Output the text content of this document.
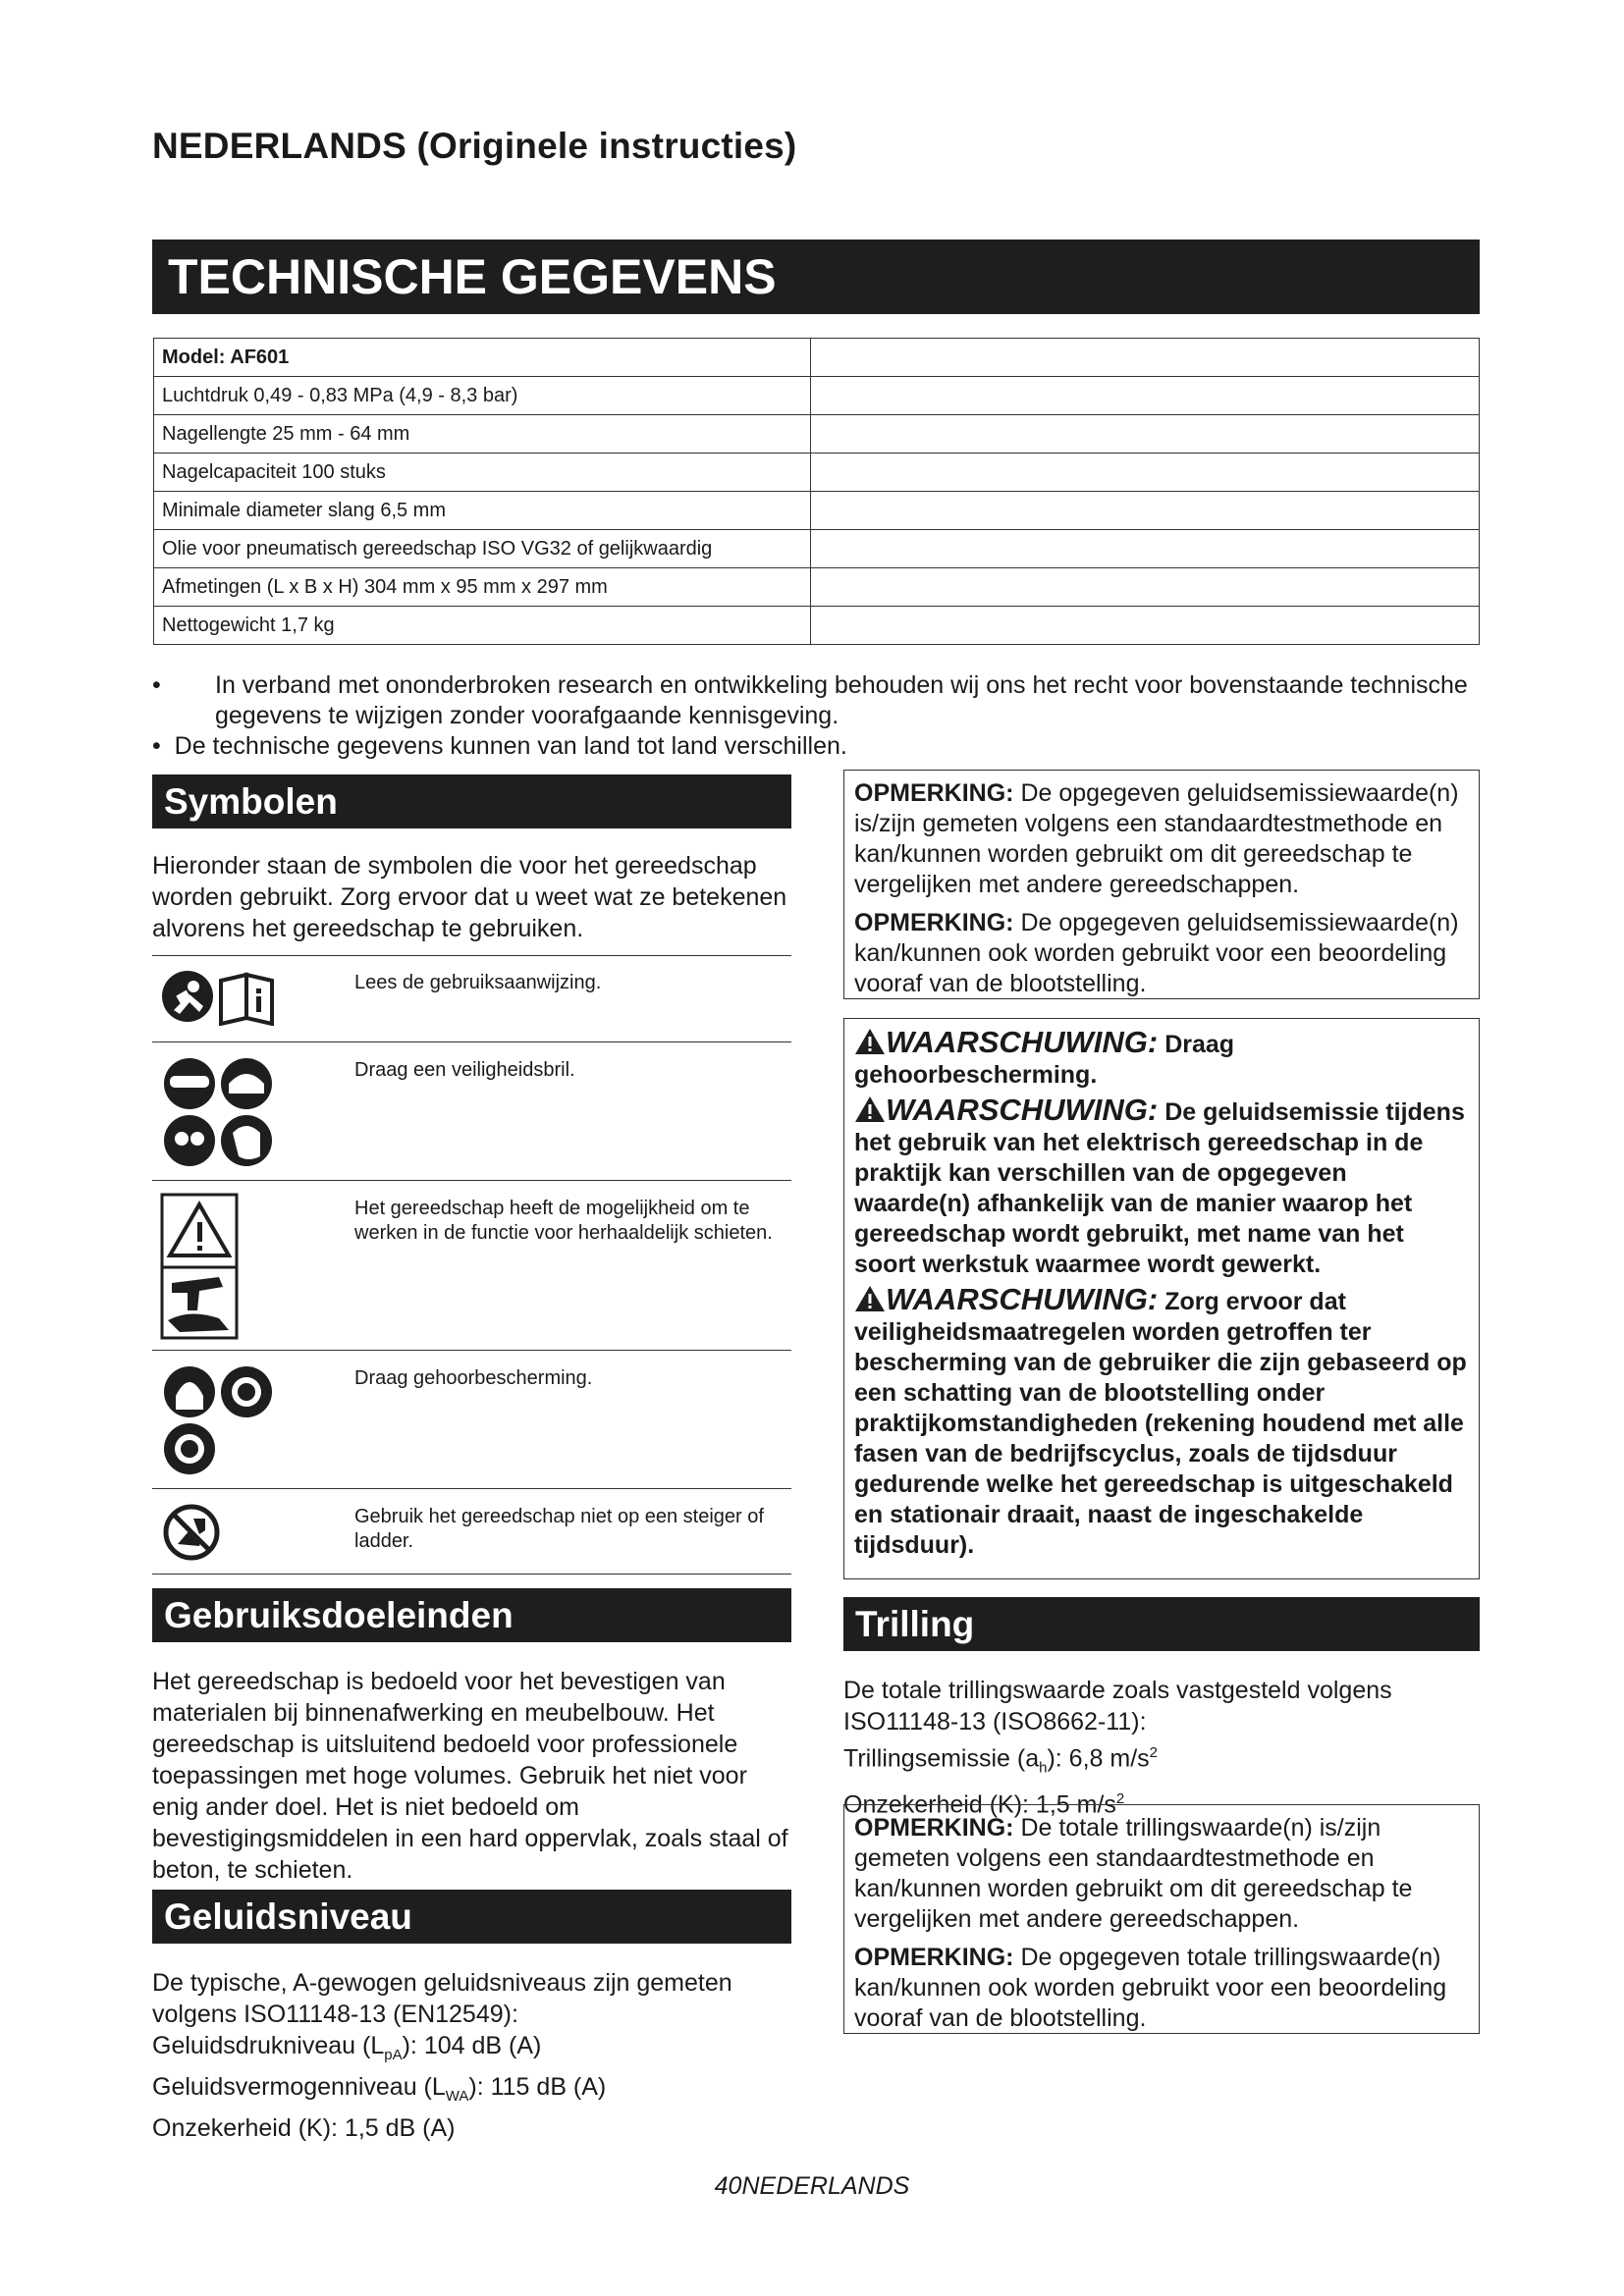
NEDERLANDS (Originele instructies)
TECHNISCHE GEGEVENS
Model: AF601	
Luchtdruk 0,49 - 0,83 MPa (4,9 - 8,3 bar)	
Nagellengte 25 mm - 64 mm	
Nagelcapaciteit 100 stuks	
Minimale diameter slang 6,5 mm	
Olie voor pneumatisch gereedschap ISO VG32 of gelijkwaardig	
Afmetingen (L x B x H) 304 mm x 95 mm x 297 mm	
Nettogewicht 1,7 kg	
• In verband met ononderbroken research en ontwikkeling behouden wij ons het recht voor bovenstaande technische gegevens te wijzigen zonder voorafgaande kennisgeving.
•  De technische gegevens kunnen van land tot land verschillen.
Symbolen
Hieronder staan de symbolen die voor het gereedschap worden gebruikt. Zorg ervoor dat u weet wat ze betekenen alvorens het gereedschap te gebruiken.
Lees de gebruiksaanwijzing.
Draag een veiligheidsbril.
Het gereedschap heeft de mogelijkheid om te werken in de functie voor herhaaldelijk schieten.
Draag gehoorbescherming.
Gebruik het gereedschap niet op een steiger of ladder.
Gebruiksdoeleinden
Het gereedschap is bedoeld voor het bevestigen van materialen bij binnenafwerking en meubelbouw. Het gereedschap is uitsluitend bedoeld voor professionele toepassingen met hoge volumes. Gebruik het niet voor enig ander doel. Het is niet bedoeld om bevestigingsmiddelen in een hard oppervlak, zoals staal of beton, te schieten.
Geluidsniveau
De typische, A-gewogen geluidsniveaus zijn gemeten volgens ISO11148-13 (EN12549):
Geluidsdrukniveau $(L_{pA})$: 104 dB (A)
Geluidsvermogenniveau $(L_{WA})$: 115 dB (A)
Onzekerheid (K): 1,5 dB (A)
OPMERKING: De opgegeven geluidsemissiewaarde(n) is/zijn gemeten volgens een standaardtestmethode en kan/kunnen worden gebruikt om dit gereedschap te vergelijken met andere gereedschappen.
OPMERKING: De opgegeven geluidsemissiewaarde(n) kan/kunnen ook worden gebruikt voor een beoordeling vooraf van de blootstelling.
WAARSCHUWING: Draag gehoorbescherming.
WAARSCHUWING: De geluidsemissie tijdens het gebruik van het elektrisch gereedschap in de praktijk kan verschillen van de opgegeven waarde(n) afhankelijk van de manier waarop het gereedschap wordt gebruikt, met name van het soort werkstuk waarmee wordt gewerkt.
WAARSCHUWING: Zorg ervoor dat veiligheidsmaatregelen worden getroffen ter bescherming van de gebruiker die zijn gebaseerd op een schatting van de blootstelling onder praktijkomstandigheden (rekening houdend met alle fasen van de bedrijfscyclus, zoals de tijdsduur gedurende welke het gereedschap is uitgeschakeld en stationair draait, naast de ingeschakelde tijdsduur).
Trilling
De totale trillingswaarde zoals vastgesteld volgens ISO11148-13 (ISO8662-11):
Trillingsemissie $(a_h)$: 6,8 $m/s^2$
Onzekerheid (K): 1,5 $m/s^2$
OPMERKING: De totale trillingswaarde(n) is/zijn gemeten volgens een standaardtestmethode en kan/kunnen worden gebruikt om dit gereedschap te vergelijken met andere gereedschappen.
OPMERKING: De opgegeven totale trillingswaarde(n) kan/kunnen ook worden gebruikt voor een beoordeling vooraf van de blootstelling.
40NEDERLANDS
